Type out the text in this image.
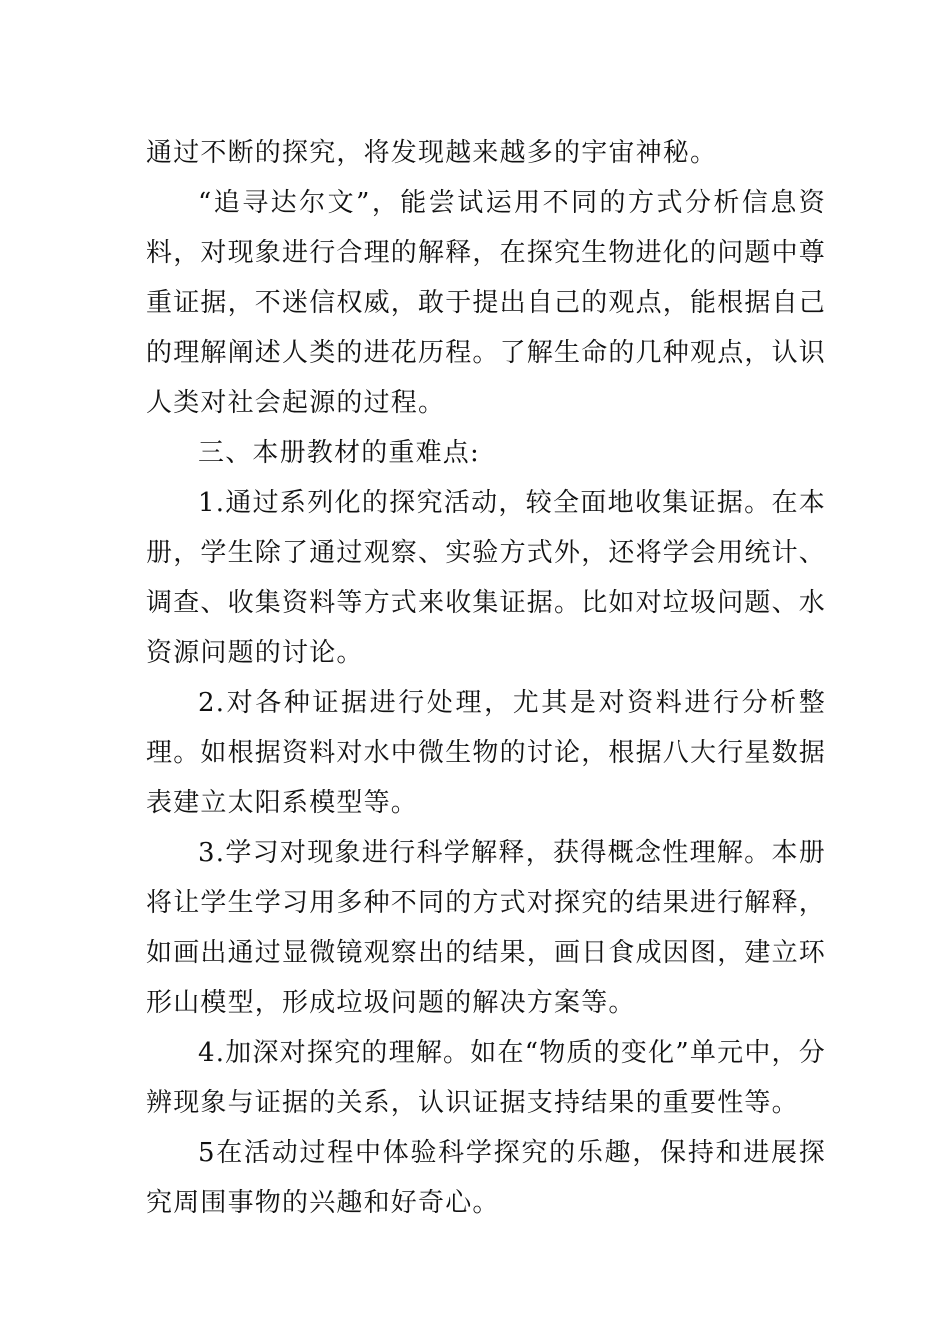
通过不断的探究，将发现越来越多的宇宙神秘。

“追寻达尔文”，能尝试运用不同的方式分析信息资料，对现象进行合理的解释，在探究生物进化的问题中尊重证据，不迷信权威，敢于提出自己的观点，能根据自己的理解阐述人类的进花历程。了解生命的几种观点，认识人类对社会起源的过程。

三、本册教材的重难点:

1.通过系列化的探究活动，较全面地收集证据。在本册，学生除了通过观察、实验方式外，还将学会用统计、调查、收集资料等方式来收集证据。比如对垃圾问题、水资源问题的讨论。

2.对各种证据进行处理，尤其是对资料进行分析整理。如根据资料对水中微生物的讨论，根据八大行星数据表建立太阳系模型等。

3.学习对现象进行科学解释，获得概念性理解。本册将让学生学习用多种不同的方式对探究的结果进行解释，如画出通过显微镜观察出的结果，画日食成因图，建立环形山模型，形成垃圾问题的解决方案等。

4.加深对探究的理解。如在“物质的变化”单元中，分辨现象与证据的关系，认识证据支持结果的重要性等。

5在活动过程中体验科学探究的乐趣，保持和进展探究周围事物的兴趣和好奇心。
